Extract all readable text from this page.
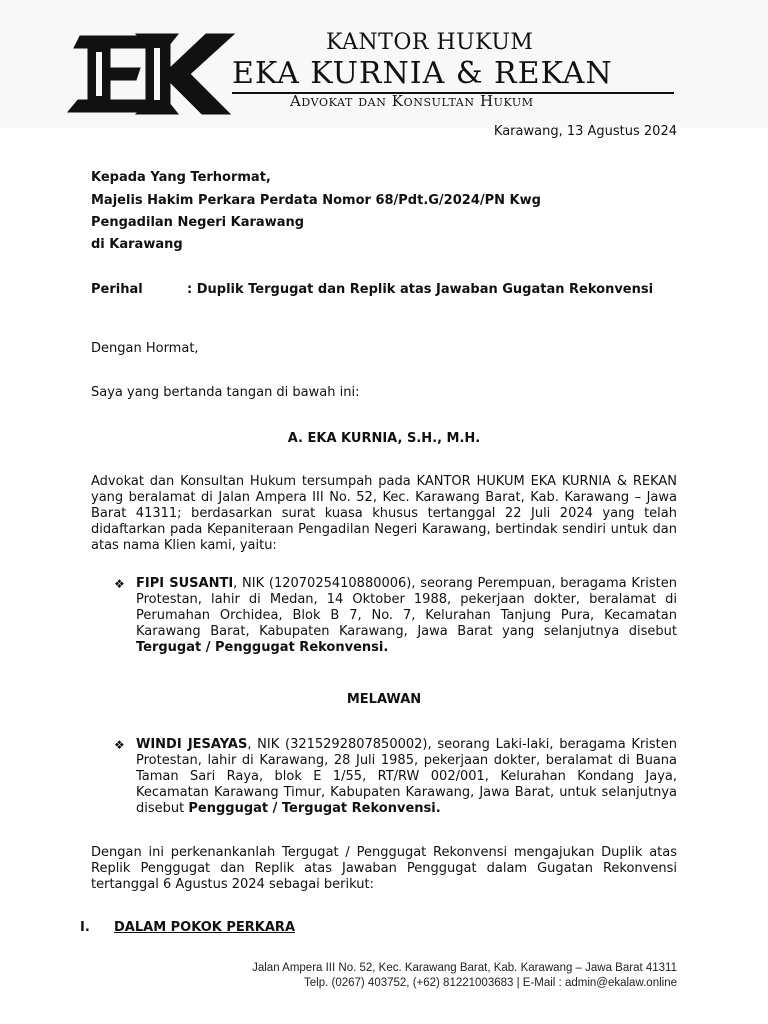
KANTOR HUKUM
EKA KURNIA & REKAN
Advokat dan Konsultan Hukum
Karawang, 13 Agustus 2024
Kepada Yang Terhormat,
Majelis Hakim Perkara Perdata Nomor 68/Pdt.G/2024/PN Kwg
Pengadilan Negeri Karawang
di Karawang
Perihal	: Duplik Tergugat dan Replik atas Jawaban Gugatan Rekonvensi
Dengan Hormat,
Saya yang bertanda tangan di bawah ini:
A. EKA KURNIA, S.H., M.H.
Advokat dan Konsultan Hukum tersumpah pada KANTOR HUKUM EKA KURNIA & REKAN yang beralamat di Jalan Ampera III No. 52, Kec. Karawang Barat, Kab. Karawang – Jawa Barat 41311; berdasarkan surat kuasa khusus tertanggal 22 Juli 2024 yang telah didaftarkan pada Kepaniteraan Pengadilan Negeri Karawang, bertindak sendiri untuk dan atas nama Klien kami, yaitu:
❖ FIPI SUSANTI, NIK (1207025410880006), seorang Perempuan, beragama Kristen Protestan, lahir di Medan, 14 Oktober 1988, pekerjaan dokter, beralamat di Perumahan Orchidea, Blok B 7, No. 7, Kelurahan Tanjung Pura, Kecamatan Karawang Barat, Kabupaten Karawang, Jawa Barat yang selanjutnya disebut Tergugat / Penggugat Rekonvensi.
MELAWAN
❖ WINDI JESAYAS, NIK (3215292807850002), seorang Laki-laki, beragama Kristen Protestan, lahir di Karawang, 28 Juli 1985, pekerjaan dokter, beralamat di Buana Taman Sari Raya, blok E 1/55, RT/RW 002/001, Kelurahan Kondang Jaya, Kecamatan Karawang Timur, Kabupaten Karawang, Jawa Barat, untuk selanjutnya disebut Penggugat / Tergugat Rekonvensi.
Dengan ini perkenankanlah Tergugat / Penggugat Rekonvensi mengajukan Duplik atas Replik Penggugat dan Replik atas Jawaban Penggugat dalam Gugatan Rekonvensi tertanggal 6 Agustus 2024 sebagai berikut:
I. DALAM POKOK PERKARA
Jalan Ampera III No. 52, Kec. Karawang Barat, Kab. Karawang – Jawa Barat 41311
Telp. (0267) 403752, (+62) 81221003683 | E-Mail : admin@ekalaw.online
